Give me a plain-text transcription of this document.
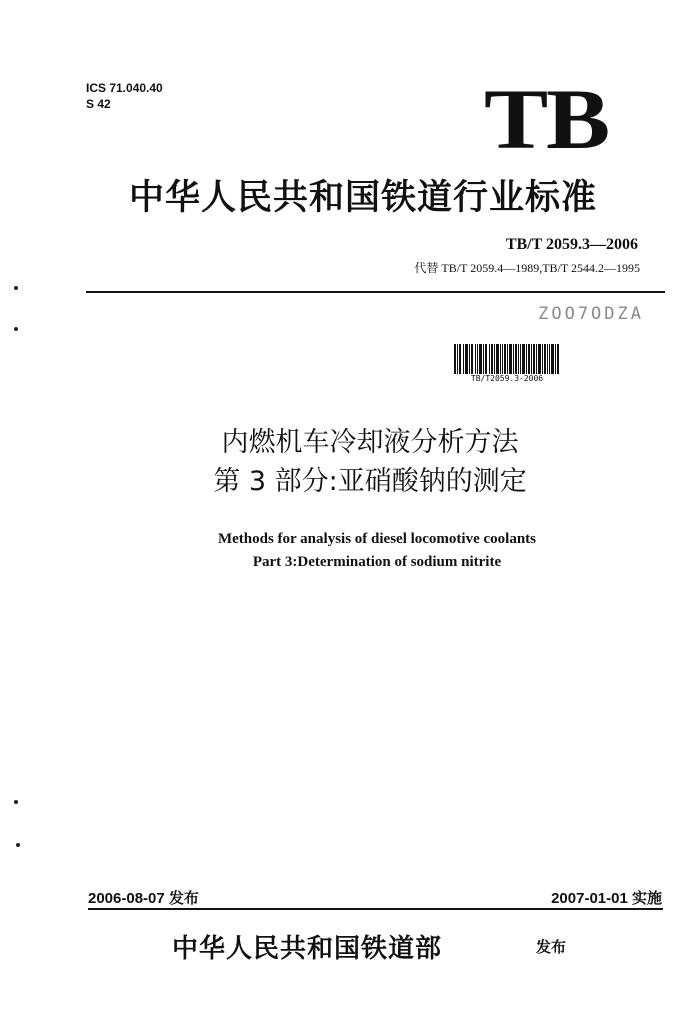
ICS 71.040.40
S 42	TB
中华人民共和国铁道行业标准
TB/T 2059.3—2006
代替 TB/T 2059.4—1989,TB/T 2544.2—1995
ZOO7ODZA
TB/T2059.3-2006
内燃机车冷却液分析方法
第 3 部分:亚硝酸钠的测定
Methods for analysis of diesel locomotive coolants
Part 3:Determination of sodium nitrite
2006-08-07 发布	2007-01-01 实施
中华人民共和国铁道部	发布
